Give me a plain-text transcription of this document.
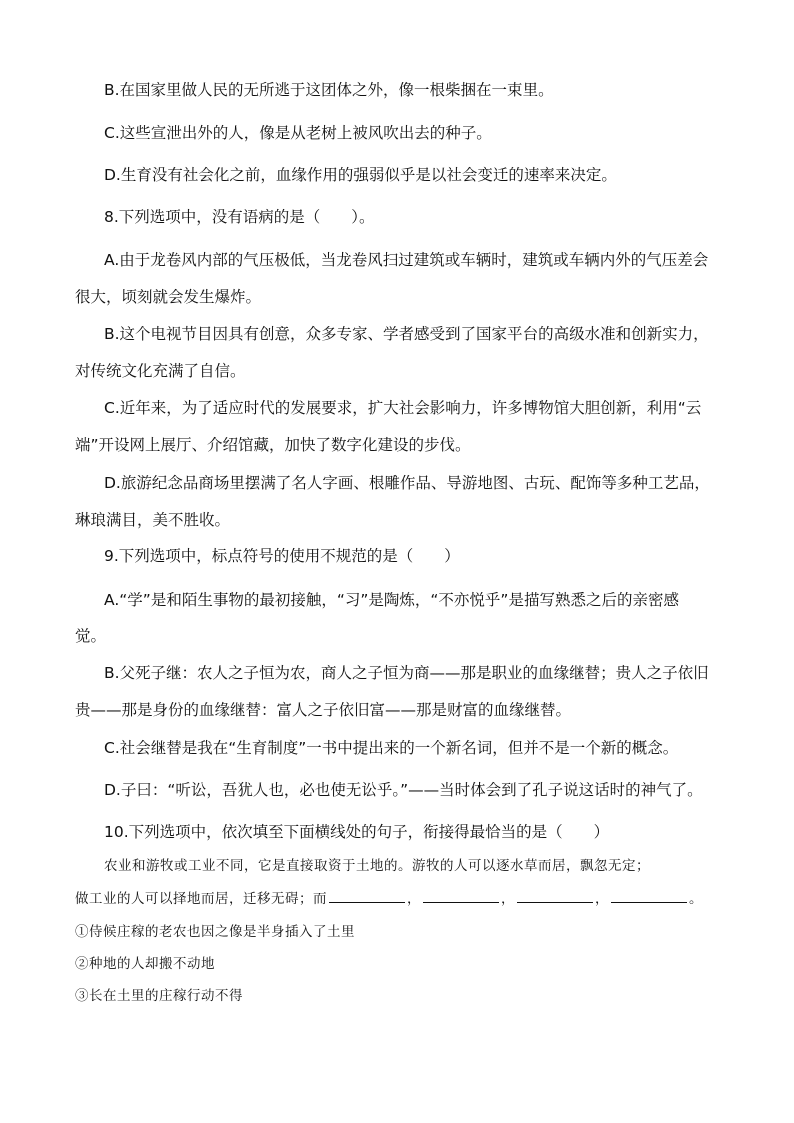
B.在国家里做人民的无所逃于这团体之外，像一根柴捆在一束里。
C.这些宣泄出外的人，像是从老树上被风吹出去的种子。
D.生育没有社会化之前，血缘作用的强弱似乎是以社会变迁的速率来决定。
8.下列选项中，没有语病的是（　　）。
A.由于龙卷风内部的气压极低，当龙卷风扫过建筑或车辆时，建筑或车辆内外的气压差会
很大，顷刻就会发生爆炸。
B.这个电视节目因具有创意，众多专家、学者感受到了国家平台的高级水准和创新实力，
对传统文化充满了自信。
C.近年来，为了适应时代的发展要求，扩大社会影响力，许多博物馆大胆创新，利用“云
端”开设网上展厅、介绍馆藏，加快了数字化建设的步伐。
D.旅游纪念品商场里摆满了名人字画、根雕作品、导游地图、古玩、配饰等多种工艺品，
琳琅满目，美不胜收。
9.下列选项中，标点符号的使用不规范的是（　　）
A.“学”是和陌生事物的最初接触，“习”是陶炼，“不亦悦乎”是描写熟悉之后的亲密感
觉。
B.父死子继：农人之子恒为农，商人之子恒为商——那是职业的血缘继替；贵人之子依旧
贵——那是身份的血缘继替：富人之子依旧富——那是财富的血缘继替。
C.社会继替是我在“生育制度”一书中提出来的一个新名词，但并不是一个新的概念。
D.子曰：“听讼，吾犹人也，必也使无讼乎。”——当时体会到了孔子说这话时的神气了。
10.下列选项中，依次填至下面横线处的句子，衔接得最恰当的是（　　）
农业和游牧或工业不同，它是直接取资于土地的。游牧的人可以逐水草而居，飘忽无定；
做工业的人可以择地而居，迁移无碍；而	，	，	，	。
①侍候庄稼的老农也因之像是半身插入了土里
②种地的人却搬不动地
③长在土里的庄稼行动不得
